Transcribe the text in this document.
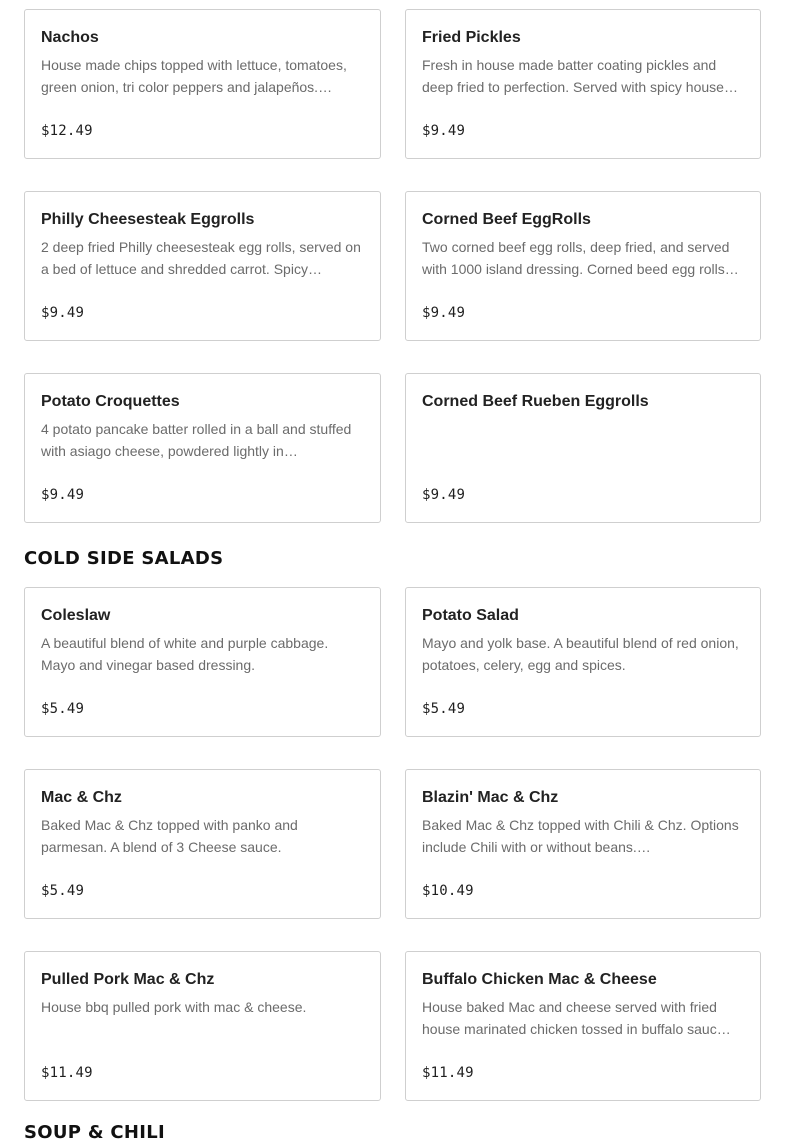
Nachos
House made chips topped with lettuce, tomatoes, green onion, tri color peppers and jalapeños.…
$12.49
Fried Pickles
Fresh in house made batter coating pickles and deep fried to perfection. Served with spicy house…
$9.49
Philly Cheesesteak Eggrolls
2 deep fried Philly cheesesteak egg rolls, served on a bed of lettuce and shredded carrot. Spicy…
$9.49
Corned Beef EggRolls
Two corned beef egg rolls, deep fried, and served with 1000 island dressing. Corned beed egg rolls…
$9.49
Potato Croquettes
4 potato pancake batter rolled in a ball and stuffed with asiago cheese, powdered lightly in…
$9.49
Corned Beef Rueben Eggrolls
$9.49
COLD SIDE SALADS
Coleslaw
A beautiful blend of white and purple cabbage. Mayo and vinegar based dressing.
$5.49
Potato Salad
Mayo and yolk base. A beautiful blend of red onion, potatoes, celery, egg and spices.
$5.49
Mac & Chz
Baked Mac & Chz topped with panko and parmesan. A blend of 3 Cheese sauce.
$5.49
Blazin' Mac & Chz
Baked Mac & Chz topped with Chili & Chz. Options include Chili with or without beans.…
$10.49
Pulled Pork Mac & Chz
House bbq pulled pork with mac & cheese.
$11.49
Buffalo Chicken Mac & Cheese
House baked Mac and cheese served with fried house marinated chicken tossed in buffalo sauc…
$11.49
SOUP & CHILI
